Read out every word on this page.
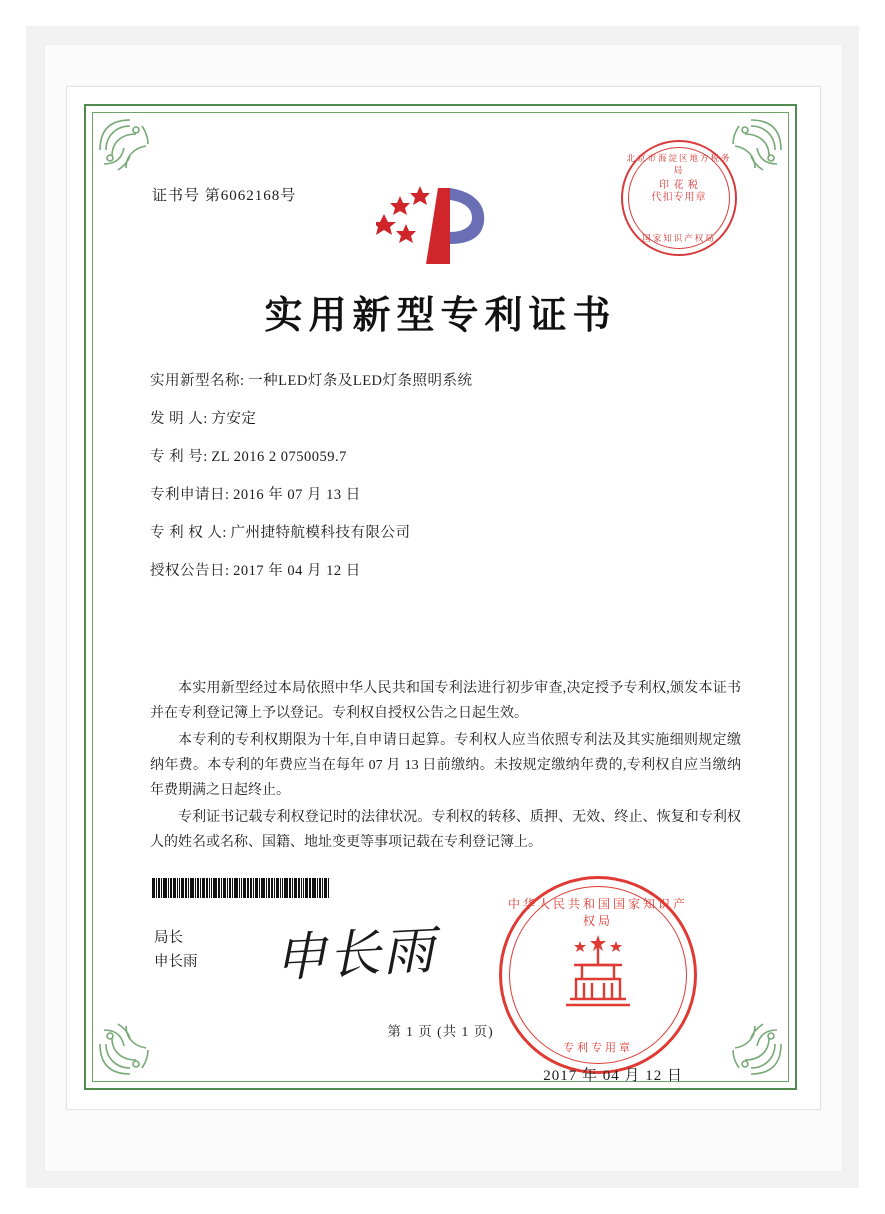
证书号 第6062168号
北京市海淀区地方税务局
印 花 税
代扣专用章
国家知识产权局
实用新型专利证书
实用新型名称: 一种LED灯条及LED灯条照明系统
发 明 人: 方安定
专 利 号: ZL 2016 2 0750059.7
专利申请日: 2016 年 07 月 13 日
专 利 权 人: 广州捷特航模科技有限公司
授权公告日: 2017 年 04 月 12 日

本实用新型经过本局依照中华人民共和国专利法进行初步审查,决定授予专利权,颁发本证书并在专利登记簿上予以登记。专利权自授权公告之日起生效。

本专利的专利权期限为十年,自申请日起算。专利权人应当依照专利法及其实施细则规定缴纳年费。本专利的年费应当在每年 07 月 13 日前缴纳。未按规定缴纳年费的,专利权自应当缴纳年费期满之日起终止。

专利证书记载专利权登记时的法律状况。专利权的转移、质押、无效、终止、恢复和专利权人的姓名或名称、国籍、地址变更等事项记载在专利登记簿上。

局长
申长雨 申长雨
中华人民共和国国家知识产权局
专利专用章
2017 年 04 月 12 日
第 1 页 (共 1 页)
